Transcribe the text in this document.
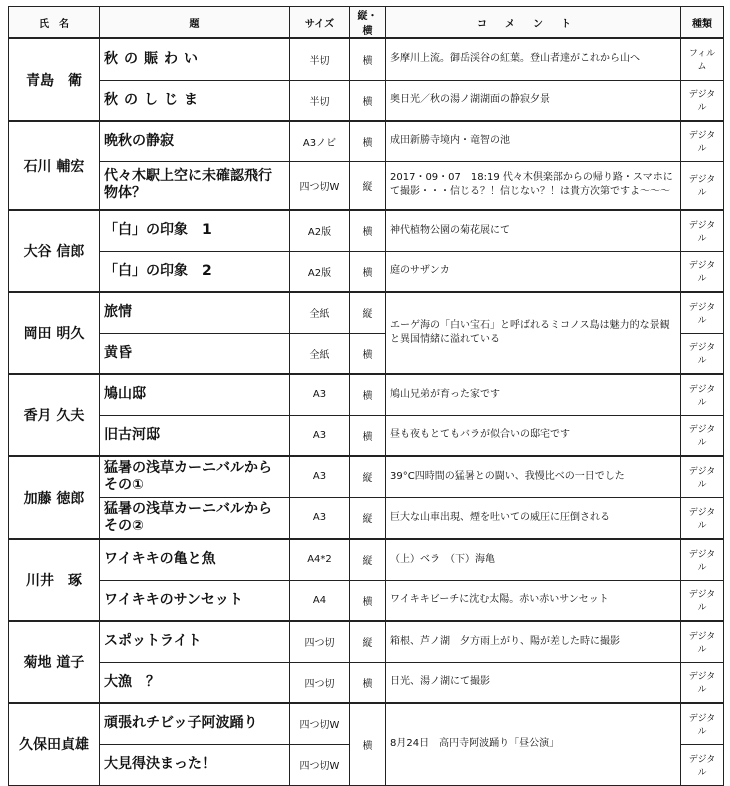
氏　名	題	サイズ	縦・横	コメント	種類
青島　衛	秋の賑わい	半切	横	多摩川上流。御岳渓谷の紅葉。登山者達がこれから山へ	フィルム
	秋のしじま	半切	横	奥日光／秋の湯ノ湖湖面の静寂夕景	デジタル
石川 輔宏	晩秋の静寂	A3ノビ	横	成田新勝寺境内・竜智の池	デジタル
	代々木駅上空に未確認飛行物体？	四つ切W	縦	2017・09・07　18:19 代々木倶楽部からの帰り路・スマホにて撮影・・・信じる？！信じない？！は貴方次第ですよ～～～	デジタル
大谷 信郎	「白」の印象　1	A2版	横	神代植物公園の菊花展にて	デジタル
	「白」の印象　2	A2版	横	庭のサザンカ	デジタル
岡田 明久	旅情	全紙	縦	エーゲ海の「白い宝石」と呼ばれるミコノス島は魅力的な景観と異国情緒に溢れている	デジタル
	黄昏	全紙	横		デジタル
香月 久夫	鳩山邸	A3	横	鳩山兄弟が育った家です	デジタル
	旧古河邸	A3	横	昼も夜もとてもバラが似合いの邸宅です	デジタル
加藤 徳郎	猛暑の浅草カーニバルからその①	A3	縦	39°C四時間の猛暑との闘い、我慢比べの一日でした	デジタル
	猛暑の浅草カーニバルからその②	A3	縦	巨大な山車出現、煙を吐いての威圧に圧倒される	デジタル
川井　琢	ワイキキの亀と魚	A4*2	縦	（上）ベラ　（下）海亀	デジタル
	ワイキキのサンセット	A4	横	ワイキキビーチに沈む太陽。赤い赤いサンセット	デジタル
菊地 道子	スポットライト	四つ切	縦	箱根、芦ノ湖　夕方雨上がり、陽が差した時に撮影	デジタル
	大漁　？	四つ切	横	日光、湯ノ湖にて撮影	デジタル
久保田貞雄	頑張れチビッ子阿波踊り	四つ切W	横	8月24日　高円寺阿波踊り「昼公演」	デジタル
	大見得決まった！	四つ切W			デジタル
